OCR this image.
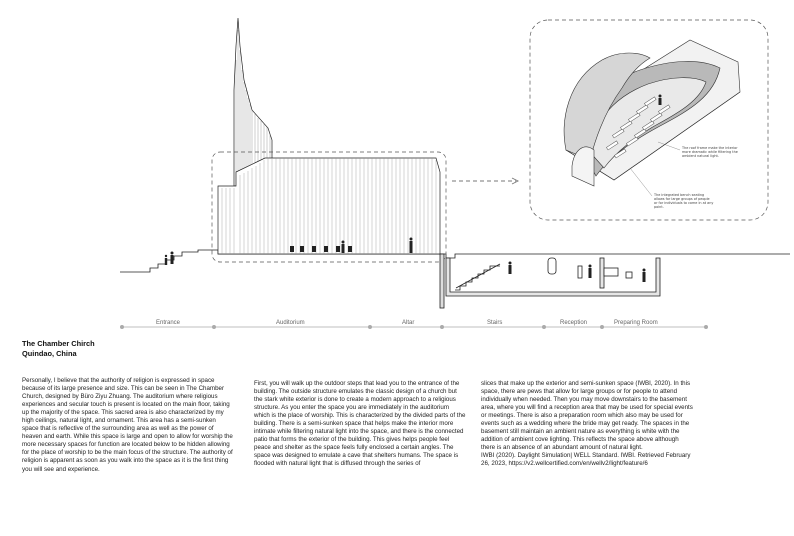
The roof frame make the interior more dramatic while filtering the ambient natural light.
The integrated bench seating allows for large groups of people or for individuals to come in at any point.
Entrance	Auditorium	Altar	Stairs	Reception	Preparing Room
The Chamber Chirch
Quindao, China

Personally, I believe that the authority of religion is expressed in space because of its large presence and size. This can be seen in The Chamber Church, designed by Büro Ziyu Zhuang. The auditorium where religious experiences and secular touch is present is located on the main floor, taking up the majority of the space. This sacred area is also characterized by my high ceilings, natural light, and ornament. This area has a semi-sunken space that is reflective of the surrounding area as well as the power of heaven and earth. While this space is large and open to allow for worship the more necessary spaces for function are located below to be hidden allowing for the place of worship to be the main focus of the structure. The authority of religion is apparent as soon as you walk into the space as it is the first thing you will see and experience.

First, you will walk up the outdoor steps that lead you to the entrance of the building. The outside structure emulates the classic design of a church but the stark white exterior is done to create a modern approach to a religious structure. As you enter the space you are immediately in the auditorium which is the place of worship. This is characterized by the divided parts of the building. There is a semi-sunken space that helps make the interior more intimate while filtering natural light into the space, and there is the connected patio that forms the exterior of the building. This gives helps people feel peace and shelter as the space feels fully enclosed a certain angles. The space was designed to emulate a cave that shelters humans. The space is flooded with natural light that is diffused through the series of

slices that make up the exterior and semi-sunken space (IWBI, 2020). In this space, there are pews that allow for large groups or for people to attend individually when needed. Then you may move downstairs to the basement area, where you will find a reception area that may be used for special events or meetings. There is also a preparation room which also may be used for events such as a wedding where the bride may get ready. The spaces in the basement still maintain an ambient nature as everything is white with the addition of ambient cove lighting. This reflects the space above although there is an absence of an abundant amount of natural light.

IWBI (2020). Daylight Simulation| WELL Standard. IWBI. Retrieved February 26, 2023, https://v2.wellcertified.com/en/wellv2/light/feature/6
